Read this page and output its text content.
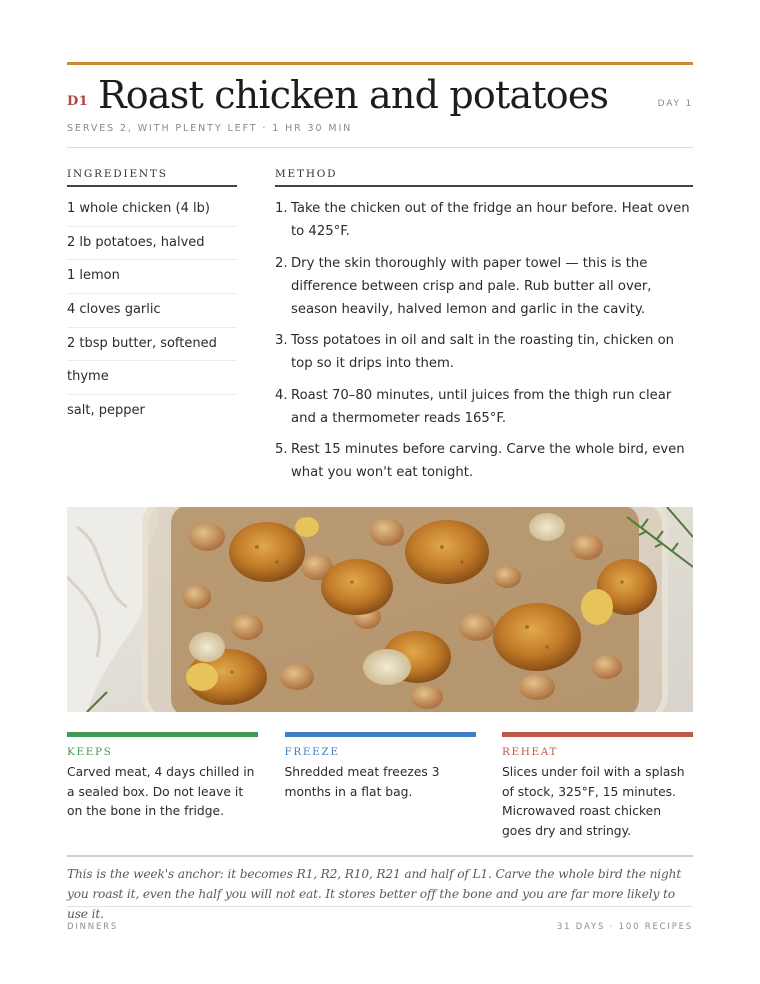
D1 Roast chicken and potatoes	DAY 1
SERVES 2, WITH PLENTY LEFT · 1 HR 30 MIN
INGREDIENTS	METHOD
1 whole chicken (4 lb)
2 lb potatoes, halved
1 lemon
4 cloves garlic
2 tbsp butter, softened
thyme
salt, pepper
1. Take the chicken out of the fridge an hour before. Heat oven to 425°F.
2. Dry the skin thoroughly with paper towel — this is the difference between crisp and pale. Rub butter all over, season heavily, halved lemon and garlic in the cavity.
3. Toss potatoes in oil and salt in the roasting tin, chicken on top so it drips into them.
4. Roast 70–80 minutes, until juices from the thigh run clear and a thermometer reads 165°F.
5. Rest 15 minutes before carving. Carve the whole bird, even what you won't eat tonight.
KEEPS
Carved meat, 4 days chilled in a sealed box. Do not leave it on the bone in the fridge.
FREEZE
Shredded meat freezes 3 months in a flat bag.
REHEAT
Slices under foil with a splash of stock, 325°F, 15 minutes. Microwaved roast chicken goes dry and stringy.
This is the week's anchor: it becomes R1, R2, R10, R21 and half of L1. Carve the whole bird the night you roast it, even the half you will not eat. It stores better off the bone and you are far more likely to use it.
DINNERS	31 DAYS · 100 RECIPES
